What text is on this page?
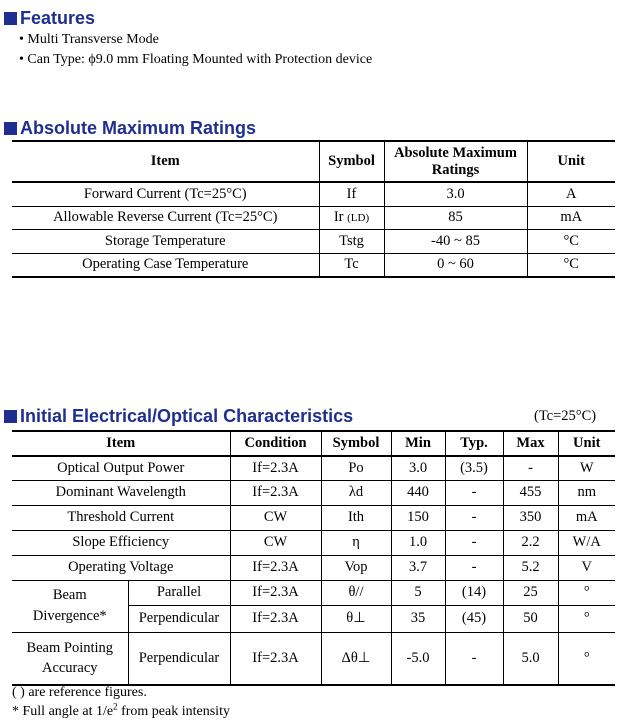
Features
• Multi Transverse Mode
• Can Type: ϕ9.0 mm Floating Mounted with Protection device
Absolute Maximum Ratings
Item	Symbol	Absolute Maximum Ratings	Unit
Forward Current (Tc=25°C)	If	3.0	A
Allowable Reverse Current (Tc=25°C)	Ir (LD)	85	mA
Storage Temperature	Tstg	-40 ~ 85	°C
Operating Case Temperature	Tc	0 ~ 60	°C
Initial Electrical/Optical Characteristics	(Tc=25°C)
Item		Condition	Symbol	Min	Typ.	Max	Unit
Optical Output Power		If=2.3A	Po	3.0	(3.5)	-	W
Dominant Wavelength		If=2.3A	λd	440	-	455	nm
Threshold Current		CW	Ith	150	-	350	mA
Slope Efficiency		CW	η	1.0	-	2.2	W/A
Operating Voltage		If=2.3A	Vop	3.7	-	5.2	V
Beam Divergence*	Parallel	If=2.3A	θ//	5	(14)	25	°
	Perpendicular	If=2.3A	θ⊥	35	(45)	50	°
Beam Pointing Accuracy	Perpendicular	If=2.3A	Δθ⊥	-5.0	-	5.0	°
( ) are reference figures.
* Full angle at $1/e^2$ from peak intensity
